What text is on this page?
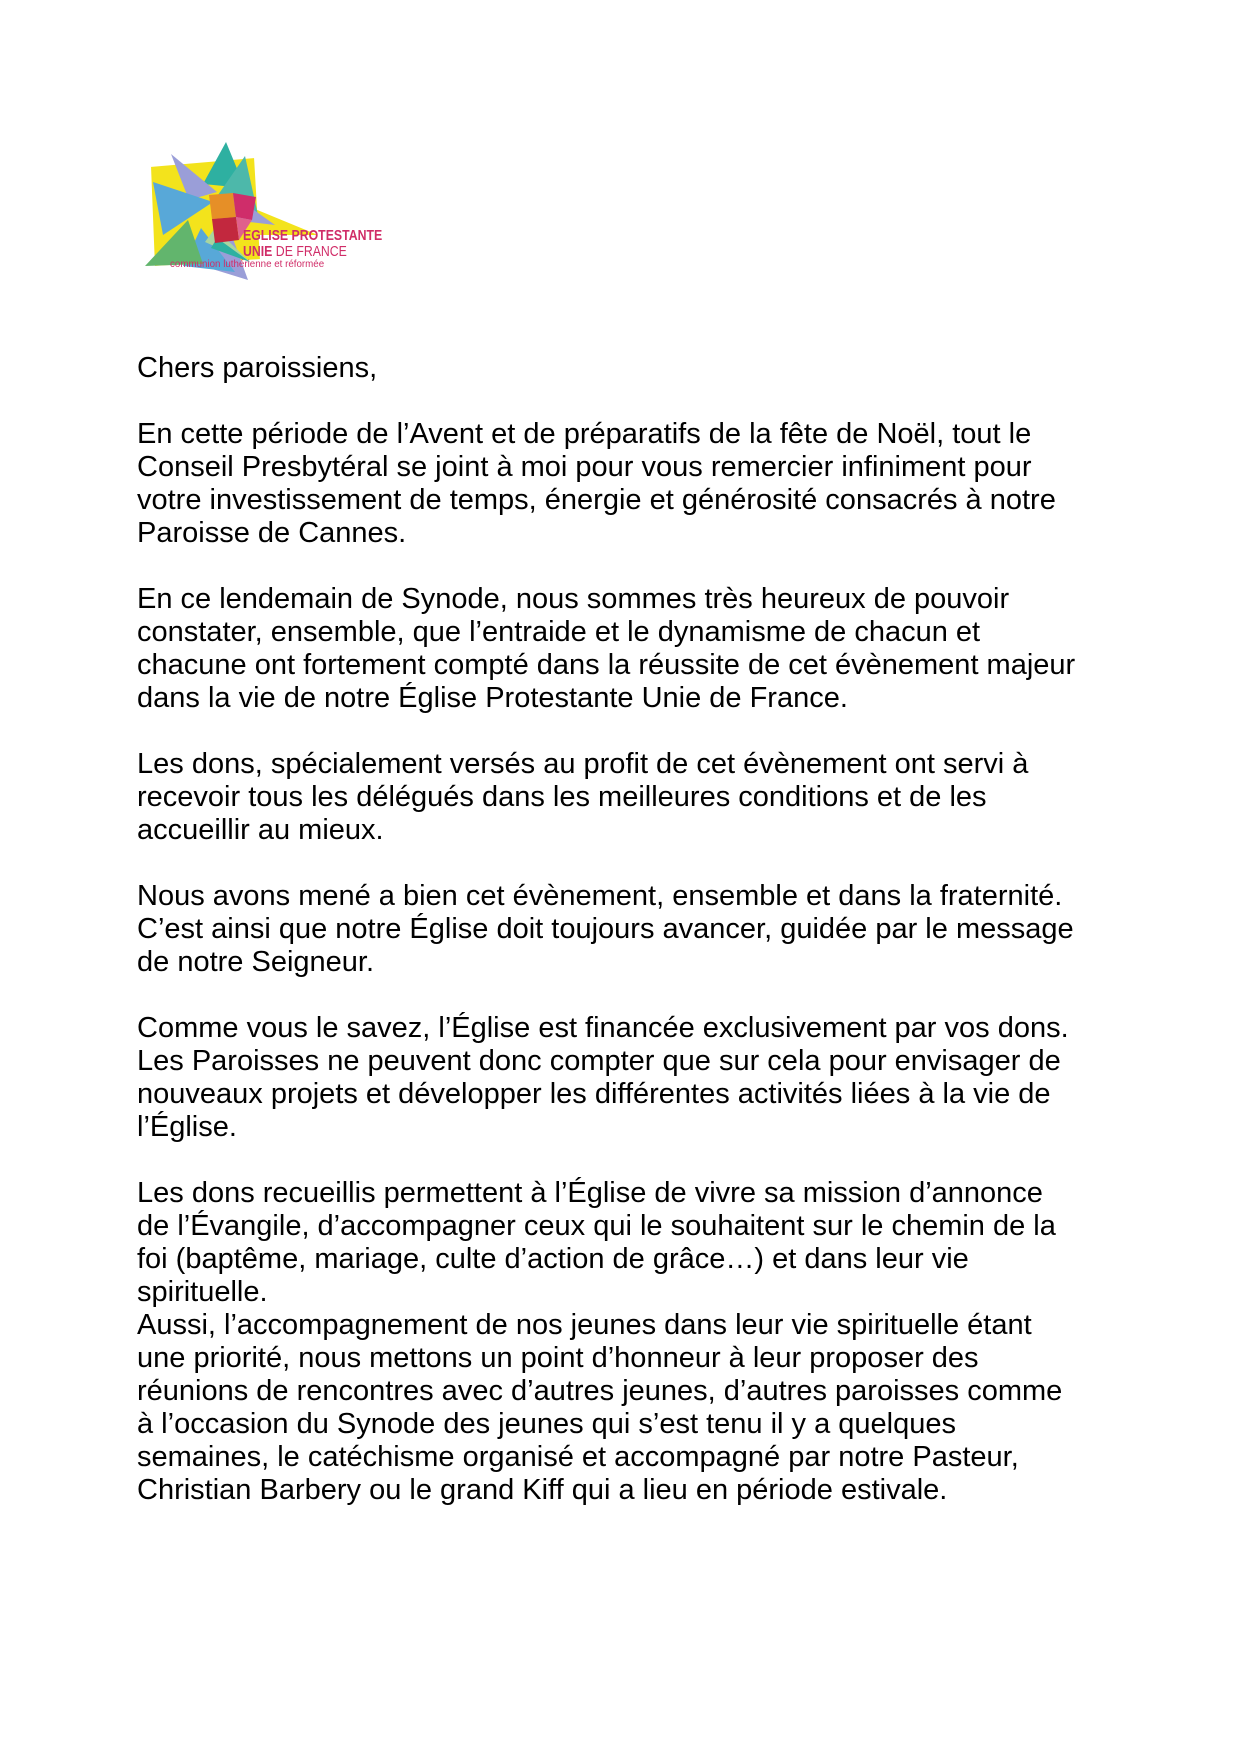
EGLISE PROTESTANTE
UNIE DE FRANCE
communion luthérienne et réformée
Chers paroissiens,
En cette période de l’Avent et de préparatifs de la fête de Noël, tout le
Conseil Presbytéral se joint à moi pour vous remercier infiniment pour
votre investissement de temps, énergie et générosité consacrés à notre
Paroisse de Cannes.
En ce lendemain de Synode, nous sommes très heureux de pouvoir
constater, ensemble, que l’entraide et le dynamisme de chacun et
chacune ont fortement compté dans la réussite de cet évènement majeur
dans la vie de notre Église Protestante Unie de France.
Les dons, spécialement versés au profit de cet évènement ont servi à
recevoir tous les délégués dans les meilleures conditions et de les
accueillir au mieux.
Nous avons mené a bien cet évènement, ensemble et dans la fraternité.
C’est ainsi que notre Église doit toujours avancer, guidée par le message
de notre Seigneur.
Comme vous le savez, l’Église est financée exclusivement par vos dons.
Les Paroisses ne peuvent donc compter que sur cela pour envisager de
nouveaux projets et développer les différentes activités liées à la vie de
l’Église.
Les dons recueillis permettent à l’Église de vivre sa mission d’annonce
de l’Évangile, d’accompagner ceux qui le souhaitent sur le chemin de la
foi (baptême, mariage, culte d’action de grâce…) et dans leur vie
spirituelle.
Aussi, l’accompagnement de nos jeunes dans leur vie spirituelle étant
une priorité, nous mettons un point d’honneur à leur proposer des
réunions de rencontres avec d’autres jeunes, d’autres paroisses comme
à l’occasion du Synode des jeunes qui s’est tenu il y a quelques
semaines, le catéchisme organisé et accompagné par notre Pasteur,
Christian Barbery ou le grand Kiff qui a lieu en période estivale.
